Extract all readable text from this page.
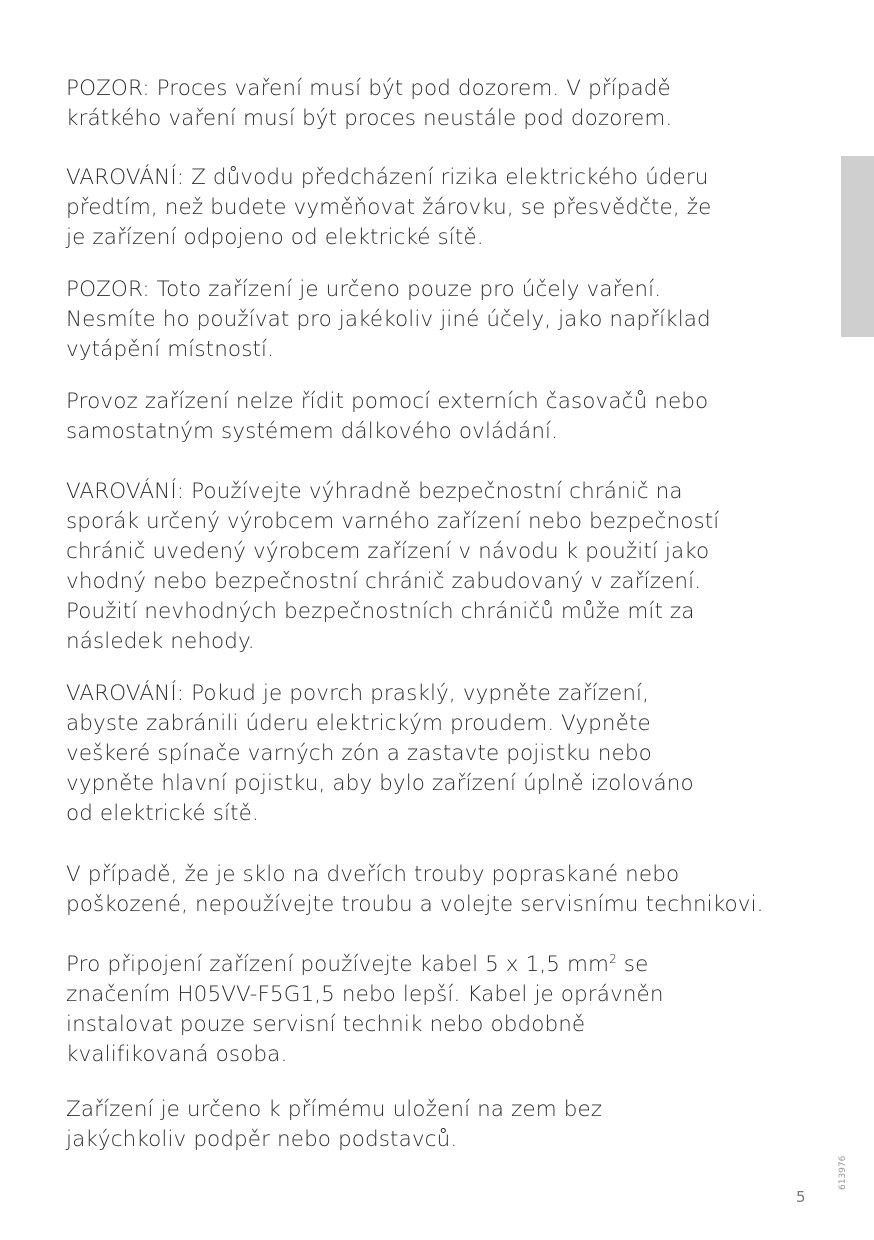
POZOR: Proces vaření musí být pod dozorem. V případě
krátkého vaření musí být proces neustále pod dozorem.

VAROVÁNÍ: Z důvodu předcházení rizika elektrického úderu
předtím, než budete vyměňovat žárovku, se přesvědčte, že
je zařízení odpojeno od elektrické sítě.

POZOR: Toto zařízení je určeno pouze pro účely vaření.
Nesmíte ho používat pro jakékoliv jiné účely, jako například
vytápění místností.

Provoz zařízení nelze řídit pomocí externích časovačů nebo
samostatným systémem dálkového ovládání.

VAROVÁNÍ: Používejte výhradně bezpečnostní chránič na
sporák určený výrobcem varného zařízení nebo bezpečností
chránič uvedený výrobcem zařízení v návodu k použití jako
vhodný nebo bezpečnostní chránič zabudovaný v zařízení.
Použití nevhodných bezpečnostních chráničů může mít za
následek nehody.

VAROVÁNÍ: Pokud je povrch prasklý, vypněte zařízení,
abyste zabránili úderu elektrickým proudem. Vypněte
veškeré spínače varných zón a zastavte pojistku nebo
vypněte hlavní pojistku, aby bylo zařízení úplně izolováno
od elektrické sítě.

V případě, že je sklo na dveřích trouby popraskané nebo
poškozené, nepoužívejte troubu a volejte servisnímu technikovi.

Pro připojení zařízení používejte kabel 5 x 1,5 $mm^2$ se
značením H05VV-F5G1,5 nebo lepší. Kabel je oprávněn
instalovat pouze servisní technik nebo obdobně
kvalifikovaná osoba.

Zařízení je určeno k přímému uložení na zem bez
jakýchkoliv podpěr nebo podstavců.

5
613976
